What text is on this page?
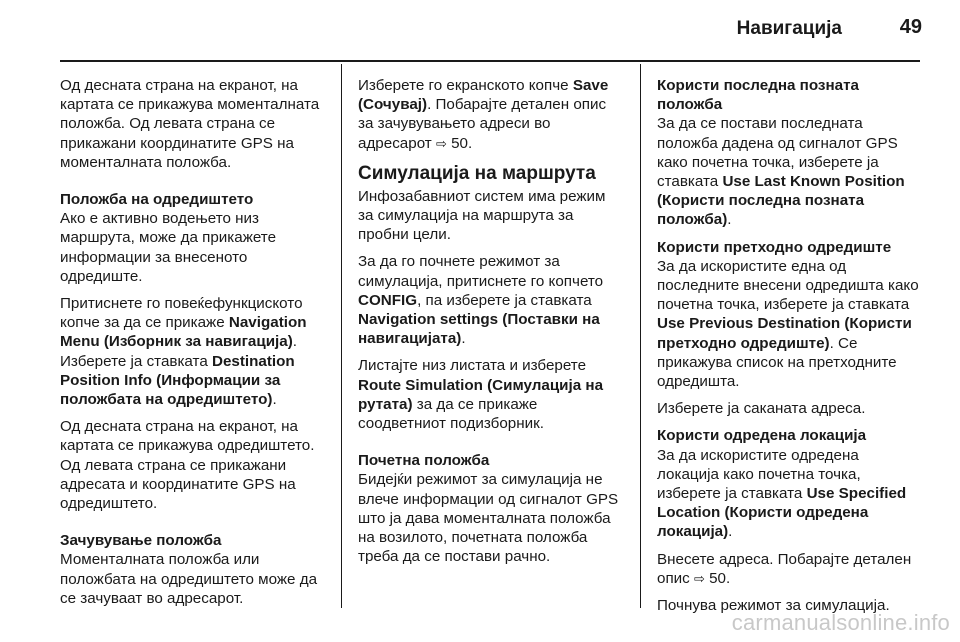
Навигација	49

Од десната страна на екранот, на картата се прикажува моменталната положба. Од левата страна се прикажани координатите GPS на моменталната положба.

Положба на одредиштето

Ако е активно водењето низ маршрута, може да прикажете информации за внесеното одредиште.

Притиснете го повеќефункциското копче за да се прикаже Navigation Menu (Изборник за навигација). Изберете ја ставката Destination Position Info (Информации за положбата на одредиштето).

Од десната страна на екранот, на картата се прикажува одредиштето. Од левата страна се прикажани адресата и координатите GPS на одредиштето.

Зачувување положба

Моменталната положба или положбата на одредиштето може да се зачуваат во адресарот.

Изберете го екранското копче Save (Сочувај). Побарајте детален опис за зачувувањето адреси во адресарот ⇨ 50.

Симулација на маршрута

Инфозабавниот систем има режим за симулација на маршрута за пробни цели.

За да го почнете режимот за симулација, притиснете го копчето CONFIG, па изберете ја ставката Navigation settings (Поставки на навигацијата).

Листајте низ листата и изберете Route Simulation (Симулација на рутата) за да се прикаже соодветниот подизборник.

Почетна положба

Бидејќи режимот за симулација не влече информации од сигналот GPS што ја дава моменталната положба на возилото, почетната положба треба да се постави рачно.

Користи последна позната положба

За да се постави последната положба дадена од сигналот GPS како почетна точка, изберете ја ставката Use Last Known Position (Користи последна позната положба).

Користи претходно одредиште

За да искористите една од последните внесени одредишта како почетна точка, изберете ја ставката Use Previous Destination (Користи претходно одредиште). Се прикажува список на претходните одредишта.

Изберете ја саканата адреса.

Користи одредена локација

За да искористите одредена локација како почетна точка, изберете ја ставката Use Specified Location (Користи одредена локација).

Внесете адреса. Побарајте детален опис ⇨ 50.

Почнува режимот за симулација.

carmanualsonline.info
